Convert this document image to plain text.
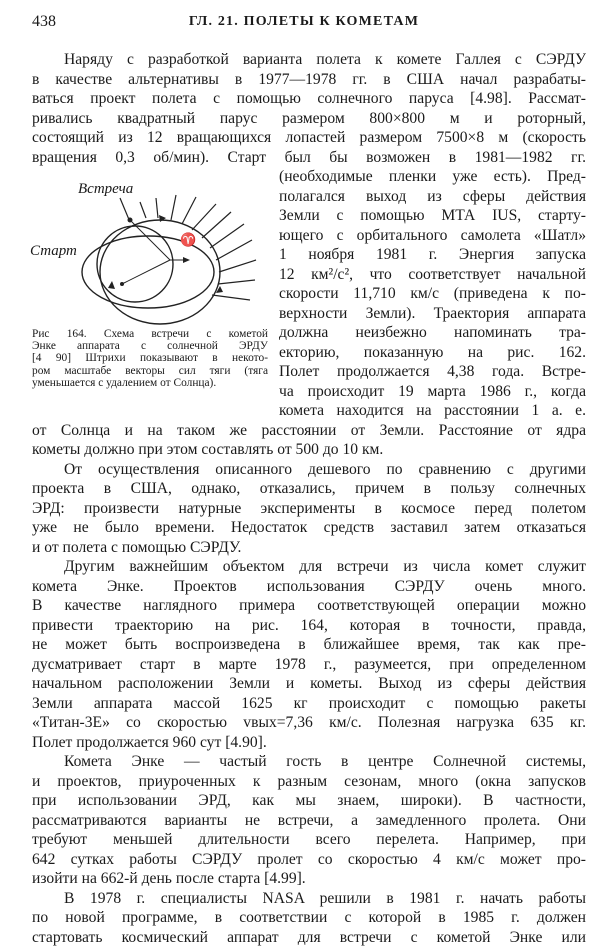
438	ГЛ. 21. ПОЛЕТЫ К КОМЕТАМ
Встреча
Старт
♈
Рис 164. Схема встречи с кометой
Энке аппарата с солнечной ЭРДУ
[4 90] Штрихи показывают в некото-
ром масштабе векторы сил тяги (тяга
уменьшается с удалением от Солнца).
Наряду с разработкой варианта полета к комете Галлея с СЭРДУ
в качестве альтернативы в 1977—1978 гг. в США начал разрабаты-
ваться проект полета с помощью солнечного паруса [4.98]. Рассмат-
ривались квадратный парус размером 800×800 м и роторный,
состоящий из 12 вращающихся лопастей размером 7500×8 м (скорость
вращения 0,3 об/мин). Старт был бы возможен в 1981—1982 гг.
(необходимые пленки уже есть). Пред-
полагался выход из сферы действия
Земли с помощью МТА IUS, старту-
ющего с орбитального самолета «Шатл»
1 ноября 1981 г. Энергия запуска
12 км²/с², что соответствует начальной
скорости 11,710 км/с (приведена к по-
верхности Земли). Траектория аппарата
должна неизбежно напоминать тра-
екторию, показанную на рис. 162.
Полет продолжается 4,38 года. Встре-
ча происходит 19 марта 1986 г., когда
комета находится на расстоянии 1 а. е.
от Солнца и на таком же расстоянии от Земли. Расстояние от ядра
кометы должно при этом составлять от 500 до 10 км.
От осуществления описанного дешевого по сравнению с другими
проекта в США, однако, отказались, причем в пользу солнечных
ЭРД: произвести натурные эксперименты в космосе перед полетом
уже не было времени. Недостаток средств заставил затем отказаться
и от полета с помощью СЭРДУ.
Другим важнейшим объектом для встречи из числа комет служит
комета Энке. Проектов использования СЭРДУ очень много.
В качестве наглядного примера соответствующей операции можно
привести траекторию на рис. 164, которая в точности, правда,
не может быть воспроизведена в ближайшее время, так как пре-
дусматривает старт в марте 1978 г., разумеется, при определенном
начальном расположении Земли и кометы. Выход из сферы действия
Земли аппарата массой 1625 кг происходит с помощью ракеты
«Титан-3Е» со скоростью vвых=7,36 км/с. Полезная нагрузка 635 кг.
Полет продолжается 960 сут [4.90].
Комета Энке — частый гость в центре Солнечной системы,
и проектов, приуроченных к разным сезонам, много (окна запусков
при использовании ЭРД, как мы знаем, широки). В частности,
рассматриваются варианты не встречи, а замедленного пролета. Они
требуют меньшей длительности всего перелета. Например, при
642 сутках работы СЭРДУ пролет со скоростью 4 км/с может про-
изойти на 662-й день после старта [4.99].
В 1978 г. специалисты NASA решили в 1981 г. начать работы
по новой программе, в соответствии с которой в 1985 г. должен
стартовать космический аппарат для встречи с кометой Энке или
